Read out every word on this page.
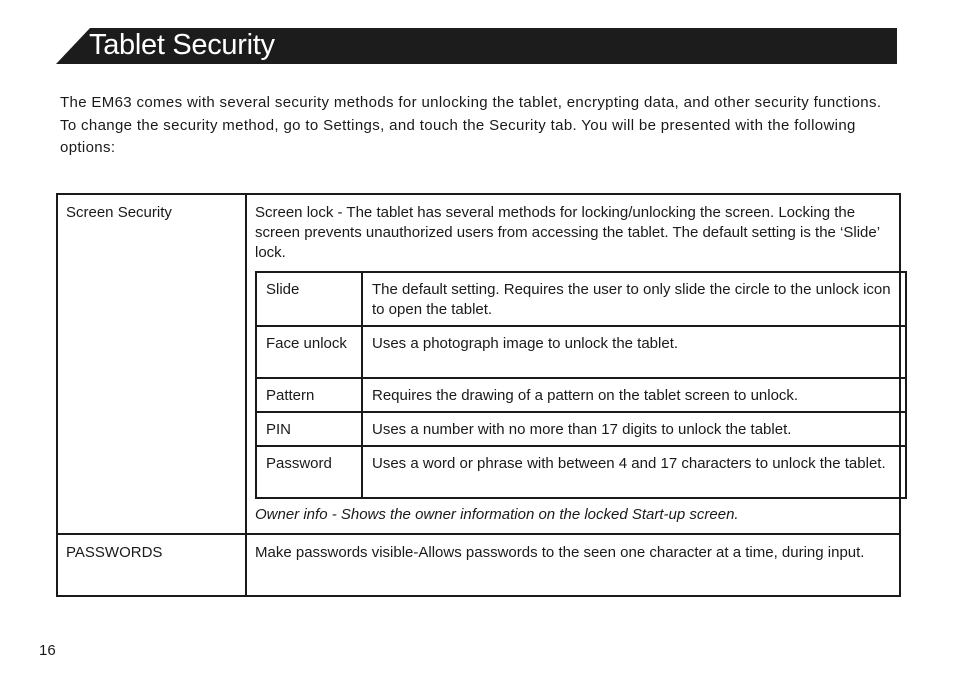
Tablet Security

The EM63 comes with several security methods for unlocking the tablet, encrypting data, and other security functions. To change the security method, go to Settings, and touch the Security tab. You will be presented with the following options:

Screen Security	Screen lock - The tablet has several methods for locking/unlocking the screen. Locking the screen prevents unauthorized users from accessing the tablet. The default setting is the ‘Slide’ lock.
Slide	The default setting. Requires the user to only slide the circle to the unlock icon to open the tablet.
Face unlock	Uses a photograph image to unlock the tablet.
Pattern	Requires the drawing of a pattern on the tablet screen to unlock.
PIN	Uses a number with no more than 17 digits to unlock the tablet.
Password	Uses a word or phrase with between 4 and 17 characters to unlock the tablet.
Owner info - Shows the owner information on the locked Start-up screen.

PASSWORDS	Make passwords visible-Allows passwords to the seen one character at a time, during input.
16
